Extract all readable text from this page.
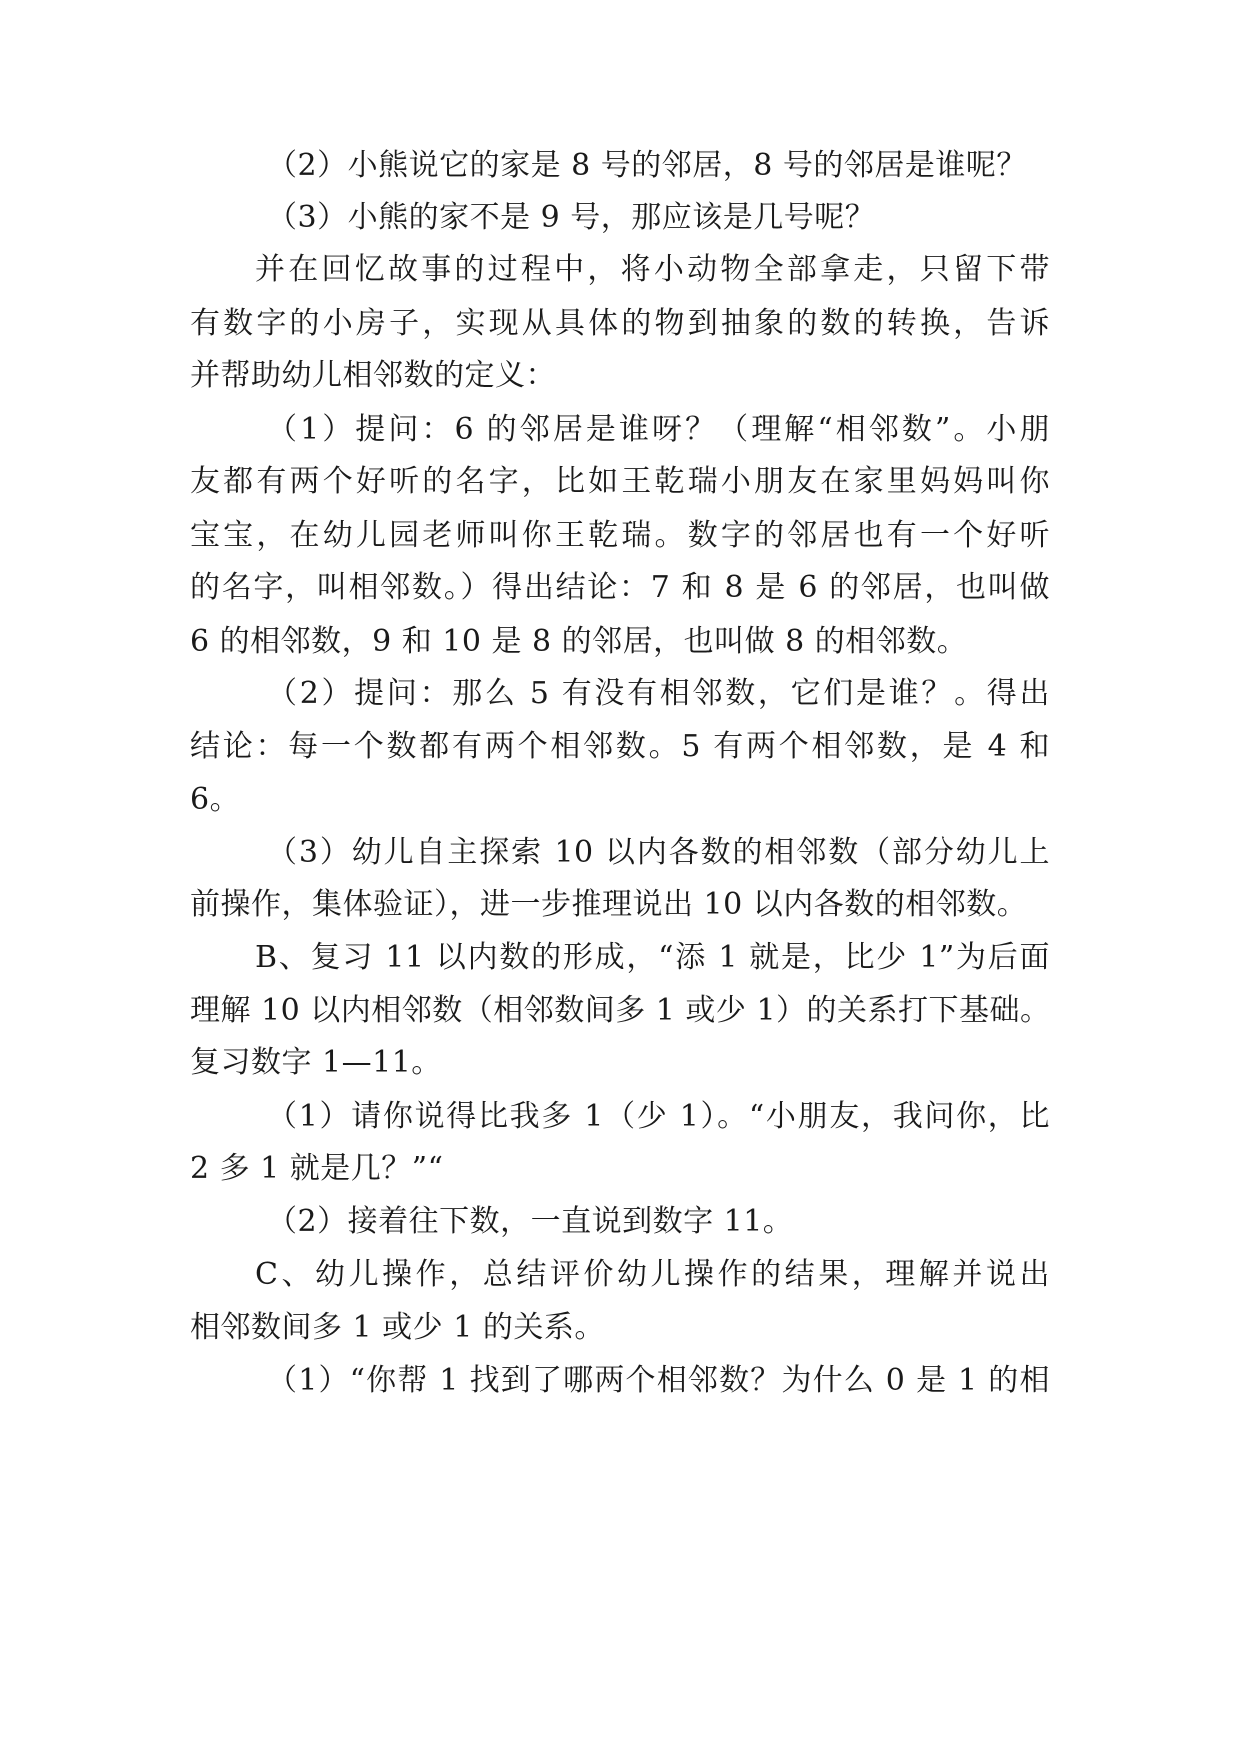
（2）小熊说它的家是 8 号的邻居，8 号的邻居是谁呢？
（3）小熊的家不是 9 号，那应该是几号呢？
并在回忆故事的过程中，将小动物全部拿走，只留下带
有数字的小房子，实现从具体的物到抽象的数的转换，告诉
并帮助幼儿相邻数的定义：
（1）提问：6 的邻居是谁呀？（理解“相邻数”。小朋
友都有两个好听的名字，比如王乾瑞小朋友在家里妈妈叫你
宝宝，在幼儿园老师叫你王乾瑞。数字的邻居也有一个好听
的名字，叫相邻数。）得出结论：7 和 8 是 6 的邻居，也叫做
6 的相邻数，9 和 10 是 8 的邻居，也叫做 8 的相邻数。
（2）提问：那么 5 有没有相邻数，它们是谁？。得出
结论：每一个数都有两个相邻数。5 有两个相邻数，是 4 和
6。
（3）幼儿自主探索 10 以内各数的相邻数（部分幼儿上
前操作，集体验证），进一步推理说出 10 以内各数的相邻数。
B、复习 11 以内数的形成，“添 1 就是，比少 1”为后面
理解 10 以内相邻数（相邻数间多 1 或少 1）的关系打下基础。
复习数字 1—11。
（1）请你说得比我多 1（少 1）。“小朋友，我问你，比
2 多 1 就是几？”“
（2）接着往下数，一直说到数字 11。
C、幼儿操作，总结评价幼儿操作的结果，理解并说出
相邻数间多 1 或少 1 的关系。
（1）“你帮 1 找到了哪两个相邻数？为什么 0 是 1 的相
